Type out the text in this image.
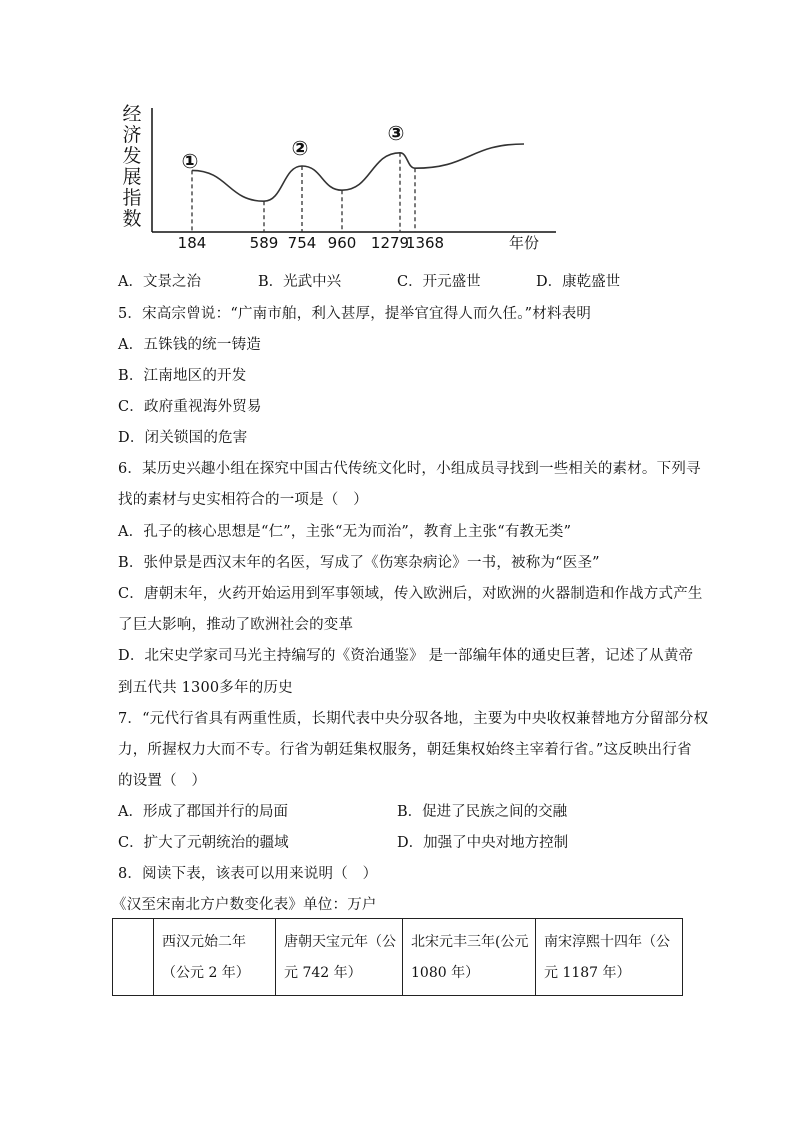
经
济
发
展
指
数
①
②
③
184	589 754 960 1279
1368	年份
A．文景之治	B．光武中兴	C．开元盛世	D．康乾盛世
5．宋高宗曾说：“广南市舶，利入甚厚，提举官宜得人而久任。”材料表明
A．五铢钱的统一铸造
B．江南地区的开发
C．政府重视海外贸易
D．闭关锁国的危害
6．某历史兴趣小组在探究中国古代传统文化时，小组成员寻找到一些相关的素材。下列寻
找的素材与史实相符合的一项是（　）
A．孔子的核心思想是“仁”，主张“无为而治”，教育上主张“有教无类”
B．张仲景是西汉末年的名医，写成了《伤寒杂病论》一书，被称为“医圣”
C．唐朝末年，火药开始运用到军事领域，传入欧洲后，对欧洲的火器制造和作战方式产生
了巨大影响，推动了欧洲社会的变革
D．北宋史学家司马光主持编写的《资治通鉴》 是一部编年体的通史巨著，记述了从黄帝
到五代共 1300多年的历史
7．“元代行省具有两重性质，长期代表中央分驭各地，主要为中央收权兼替地方分留部分权
力，所握权力大而不专。行省为朝廷集权服务，朝廷集权始终主宰着行省。”这反映出行省
的设置（　）
A．形成了郡国并行的局面	B．促进了民族之间的交融
C．扩大了元朝统治的疆域	D．加强了中央对地方控制
8．阅读下表，该表可以用来说明（　）
《汉至宋南北方户数变化表》单位：万户
	西汉元始二年（公元 2 年）	唐朝天宝元年（公元 742 年）	北宋元丰三年(公元 1080 年）	南宋淳熙十四年（公元 1187 年）
